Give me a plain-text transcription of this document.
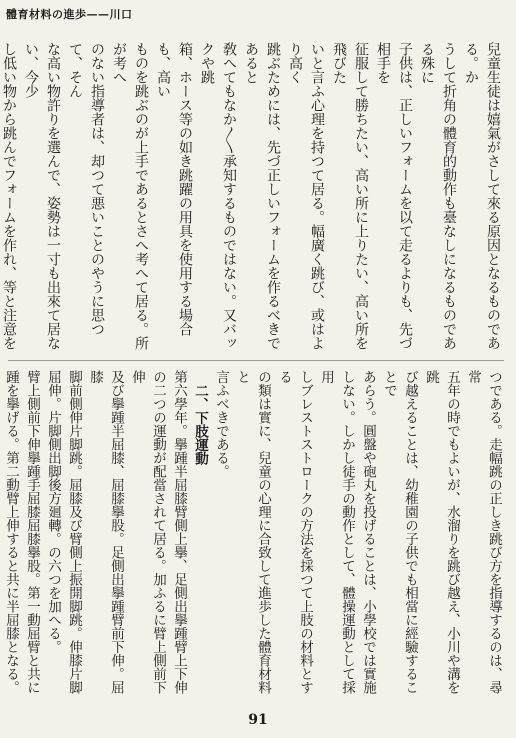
體育材料の進歩——川口
兒童生徒は嬉氣がさして來る原因となるものである。か
うして折角の體育的動作も臺なしになるものである殊に
子供は、正しいフォームを以て走るよりも、先づ相手を
征服して勝ちたい、高い所に上りたい、高い所を飛びた
いと言ふ心理を持つて居る。幅廣く跳び、或はより高く
跳ぶためには、先づ正しいフォームを作るべきであると
敎へてもなか〳〵承知するものではない。又バックや跳
箱、ホース等の如き跳躍の用具を使用する場合も、高い
ものを跳ぶのが上手であるとさへ考へて居る。所が考へ
のない指導者は、却つて悪いことのやうに思つて、そん
な高い物許りを選んで、姿勢は一寸も出來て居ない、今少
し低い物から跳んでフォームを作れ、等と注意を
つである。走幅跳の正しき跳び方を指導するのは、尋常
五年の時でもよいが、水溜りを跳び越え、小川や溝を跳
び越えることは、幼稚園の子供でも相當に經驗することで
あらう。圓盤や砲丸を投げることは、小學校では實施
しない。しかし徒手の動作として、體操運動として採用
しブレストストロークの方法を採つて上肢の材料とする
の類は實に、兒童の心理に合致して進歩した體育材料と
言ふべきである。
二、下肢運動
第六學年。擧踵半屈膝臂側上擧、足側出擧踵臂上下伸
の二つの運動が配當されて居る。加ふるに臂上側前下伸
及び擧踵半屈膝、屈膝擧股。足側出擧踵臂前下伸。屈膝
脚前側伸片脚跳。屈膝及び臂側上振開脚跳。伸膝片脚
屈伸。片脚側出脚後方廻轉。の六つを加へる。
臂上側前下伸擧踵手屈膝屈膝擧股。第一動屈臂と共に
踵を擧げる。第二動臂上伸すると共に半屈膝となる。
91
